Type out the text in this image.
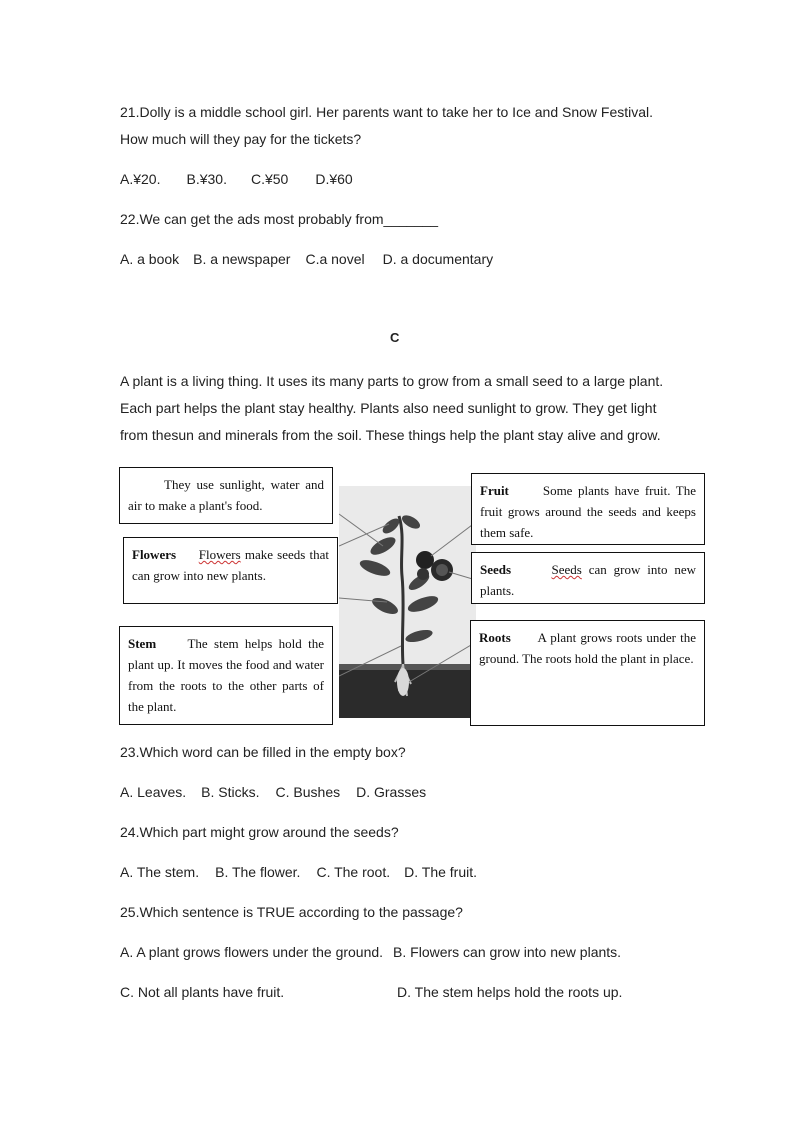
21.Dolly is a middle school girl. Her parents want to take her to Ice and Snow Festival.
How much will they pay for the tickets?
A.¥20. B.¥30. C.¥50 D.¥60
22.We can get the ads most probably from_______
A. a book B. a newspaper C.a novel D. a documentary
C
A plant is a living thing. It uses its many parts to grow from a small seed to a large plant.
Each part helps the plant stay healthy. Plants also need sunlight to grow. They get light
from thesun and minerals from the soil. These things help the plant stay alive and grow.
They use sunlight, water and air to make a plant's food.
Flowers Flowers make seeds that can grow into new plants.
Stem The stem helps hold the plant up. It moves the food and water from the roots to the other parts of the plant.
Fruit	Some plants have fruit. The fruit grows around the seeds and keeps them safe.
Seeds	Seeds can grow into new plants.
Roots A plant grows roots under the ground. The roots hold the plant in place.
23.Which word can be filled in the empty box?
A. Leaves. B. Sticks. C. Bushes D. Grasses
24.Which part might grow around the seeds?
A. The stem. B. The flower. C. The root. D. The fruit.
25.Which sentence is TRUE according to the passage?
A. A plant grows flowers under the ground. B. Flowers can grow into new plants.
C. Not all plants have fruit.	D. The stem helps hold the roots up.
